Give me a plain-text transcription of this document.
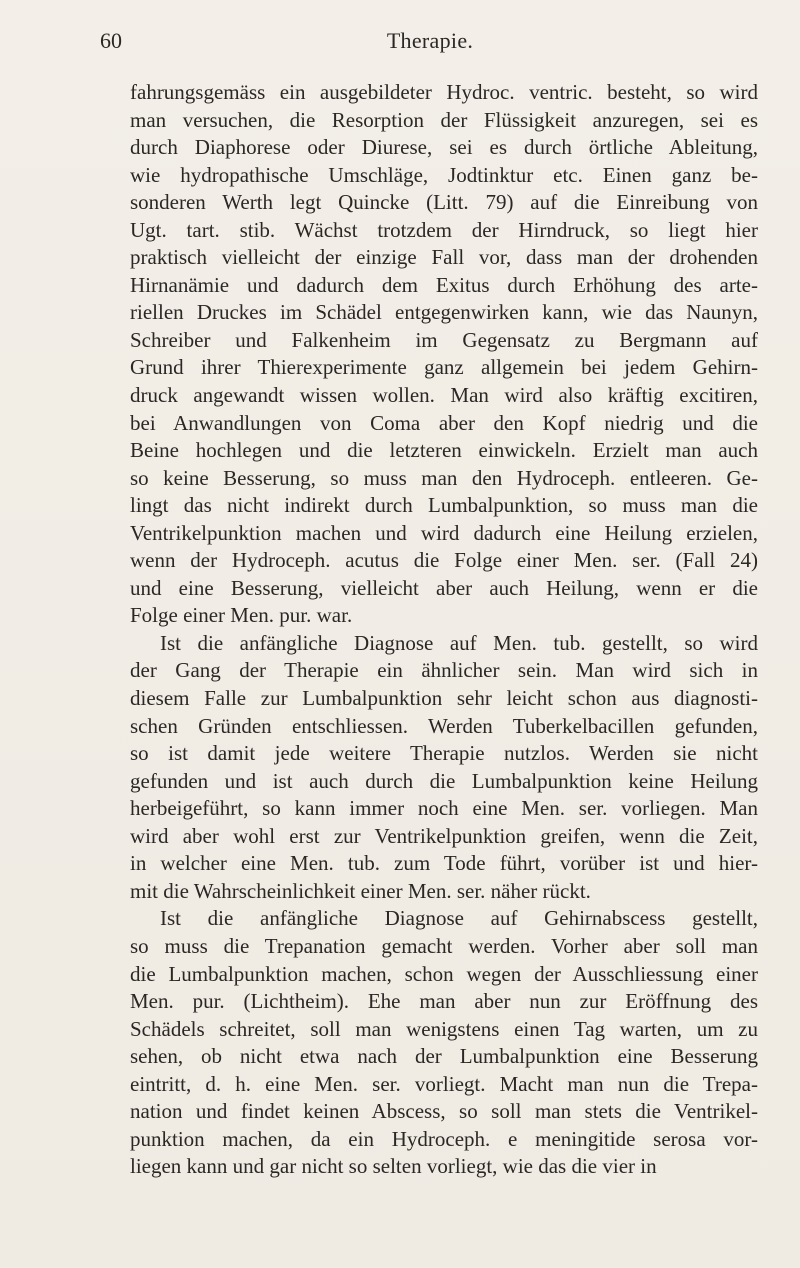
60	Therapie.
fahrungsgemäss ein ausgebildeter Hydroc. ventric. besteht, so wird
man versuchen, die Resorption der Flüssigkeit anzuregen, sei es
durch Diaphorese oder Diurese, sei es durch örtliche Ableitung,
wie hydropathische Umschläge, Jodtinktur etc. Einen ganz be-
sonderen Werth legt Quincke (Litt. 79) auf die Einreibung von
Ugt. tart. stib. Wächst trotzdem der Hirndruck, so liegt hier
praktisch vielleicht der einzige Fall vor, dass man der drohenden
Hirnanämie und dadurch dem Exitus durch Erhöhung des arte-
riellen Druckes im Schädel entgegenwirken kann, wie das Naunyn,
Schreiber und Falkenheim im Gegensatz zu Bergmann auf
Grund ihrer Thierexperimente ganz allgemein bei jedem Gehirn-
druck angewandt wissen wollen. Man wird also kräftig excitiren,
bei Anwandlungen von Coma aber den Kopf niedrig und die
Beine hochlegen und die letzteren einwickeln. Erzielt man auch
so keine Besserung, so muss man den Hydroceph. entleeren. Ge-
lingt das nicht indirekt durch Lumbalpunktion, so muss man die
Ventrikelpunktion machen und wird dadurch eine Heilung erzielen,
wenn der Hydroceph. acutus die Folge einer Men. ser. (Fall 24)
und eine Besserung, vielleicht aber auch Heilung, wenn er die
Folge einer Men. pur. war.
Ist die anfängliche Diagnose auf Men. tub. gestellt, so wird
der Gang der Therapie ein ähnlicher sein. Man wird sich in
diesem Falle zur Lumbalpunktion sehr leicht schon aus diagnosti-
schen Gründen entschliessen. Werden Tuberkelbacillen gefunden,
so ist damit jede weitere Therapie nutzlos. Werden sie nicht
gefunden und ist auch durch die Lumbalpunktion keine Heilung
herbeigeführt, so kann immer noch eine Men. ser. vorliegen. Man
wird aber wohl erst zur Ventrikelpunktion greifen, wenn die Zeit,
in welcher eine Men. tub. zum Tode führt, vorüber ist und hier-
mit die Wahrscheinlichkeit einer Men. ser. näher rückt.
Ist die anfängliche Diagnose auf Gehirnabscess gestellt,
so muss die Trepanation gemacht werden. Vorher aber soll man
die Lumbalpunktion machen, schon wegen der Ausschliessung einer
Men. pur. (Lichtheim). Ehe man aber nun zur Eröffnung des
Schädels schreitet, soll man wenigstens einen Tag warten, um zu
sehen, ob nicht etwa nach der Lumbalpunktion eine Besserung
eintritt, d. h. eine Men. ser. vorliegt. Macht man nun die Trepa-
nation und findet keinen Abscess, so soll man stets die Ventrikel-
punktion machen, da ein Hydroceph. e meningitide serosa vor-
liegen kann und gar nicht so selten vorliegt, wie das die vier in
